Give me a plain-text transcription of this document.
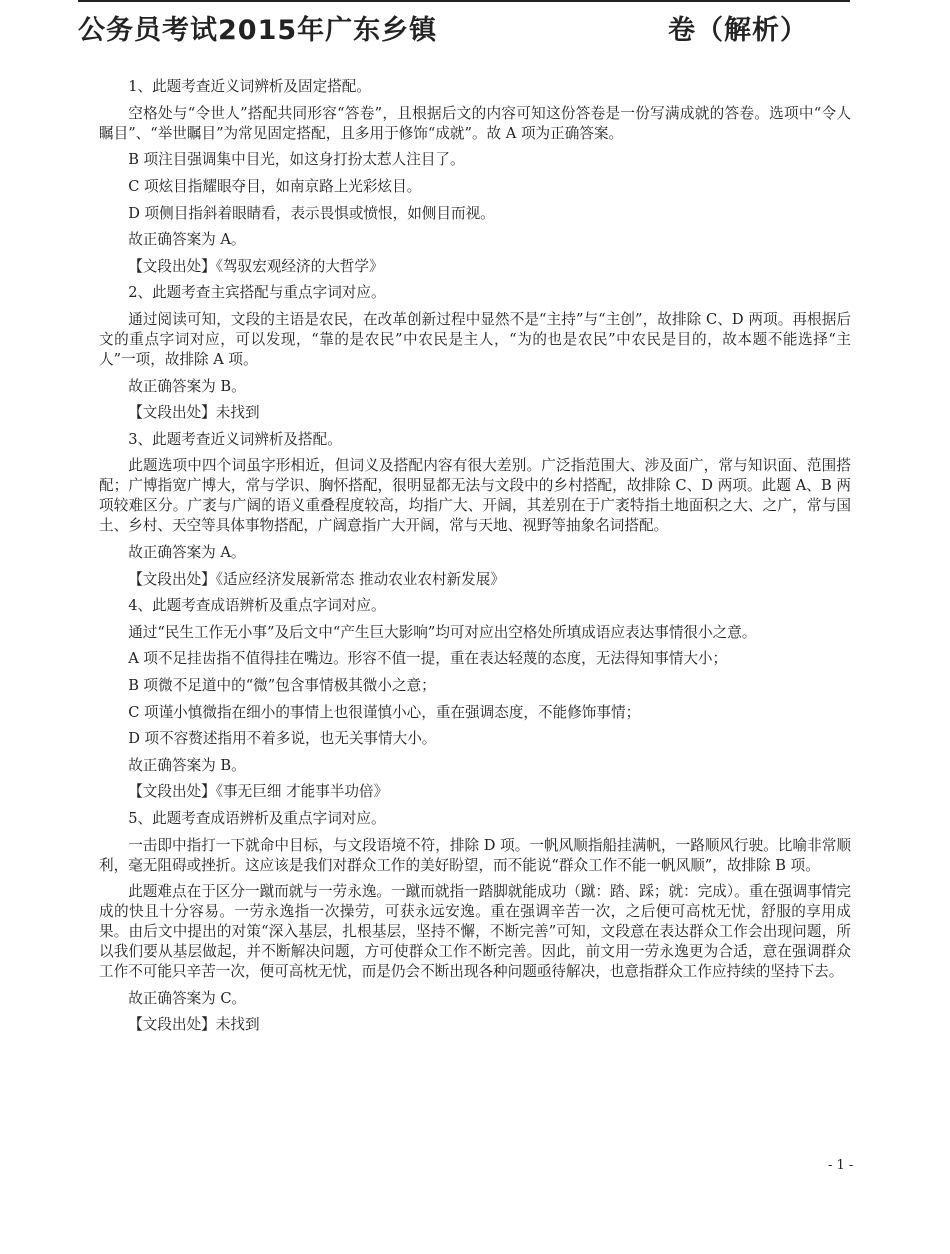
公务员考试2015年广东乡镇	卷（解析）

1、此题考查近义词辨析及固定搭配。

空格处与“令世人”搭配共同形容“答卷”，且根据后文的内容可知这份答卷是一份写满成就的答卷。选项中“令人瞩目”、“举世瞩目”为常见固定搭配，且多用于修饰“成就”。故 A 项为正确答案。

B 项注目强调集中目光，如这身打扮太惹人注目了。

C 项炫目指耀眼夺目，如南京路上光彩炫目。

D 项侧目指斜着眼睛看，表示畏惧或愤恨，如侧目而视。

故正确答案为 A。

【文段出处】《驾驭宏观经济的大哲学》

2、此题考查主宾搭配与重点字词对应。

通过阅读可知，文段的主语是农民，在改革创新过程中显然不是“主持”与“主创”，故排除 C、D 两项。再根据后文的重点字词对应，可以发现，“靠的是农民”中农民是主人，“为的也是农民”中农民是目的，故本题不能选择“主人”一项，故排除 A 项。

故正确答案为 B。

【文段出处】未找到

3、此题考查近义词辨析及搭配。

此题选项中四个词虽字形相近，但词义及搭配内容有很大差别。广泛指范围大、涉及面广，常与知识面、范围搭配；广博指宽广博大，常与学识、胸怀搭配，很明显都无法与文段中的乡村搭配，故排除 C、D 两项。此题 A、B 两项较难区分。广袤与广阔的语义重叠程度较高，均指广大、开阔，其差别在于广袤特指土地面积之大、之广，常与国土、乡村、天空等具体事物搭配，广阔意指广大开阔，常与天地、视野等抽象名词搭配。

故正确答案为 A。

【文段出处】《适应经济发展新常态 推动农业农村新发展》

4、此题考查成语辨析及重点字词对应。

通过“民生工作无小事”及后文中“产生巨大影响”均可对应出空格处所填成语应表达事情很小之意。

A 项不足挂齿指不值得挂在嘴边。形容不值一提，重在表达轻蔑的态度，无法得知事情大小；

B 项微不足道中的“微”包含事情极其微小之意；

C 项谨小慎微指在细小的事情上也很谨慎小心，重在强调态度，不能修饰事情；

D 项不容赘述指用不着多说，也无关事情大小。

故正确答案为 B。

【文段出处】《事无巨细 才能事半功倍》

5、此题考查成语辨析及重点字词对应。

一击即中指打一下就命中目标，与文段语境不符，排除 D 项。一帆风顺指船挂满帆，一路顺风行驶。比喻非常顺利，毫无阻碍或挫折。这应该是我们对群众工作的美好盼望，而不能说“群众工作不能一帆风顺”，故排除 B 项。

此题难点在于区分一蹴而就与一劳永逸。一蹴而就指一踏脚就能成功（蹴：踏、踩；就：完成）。重在强调事情完成的快且十分容易。一劳永逸指一次操劳，可获永远安逸。重在强调辛苦一次，之后便可高枕无忧，舒服的享用成果。由后文中提出的对策“深入基层，扎根基层，坚持不懈，不断完善”可知，文段意在表达群众工作会出现问题，所以我们要从基层做起，并不断解决问题，方可使群众工作不断完善。因此，前文用一劳永逸更为合适，意在强调群众工作不可能只辛苦一次，便可高枕无忧，而是仍会不断出现各种问题亟待解决，也意指群众工作应持续的坚持下去。

故正确答案为 C。

【文段出处】未找到

- 1 -
